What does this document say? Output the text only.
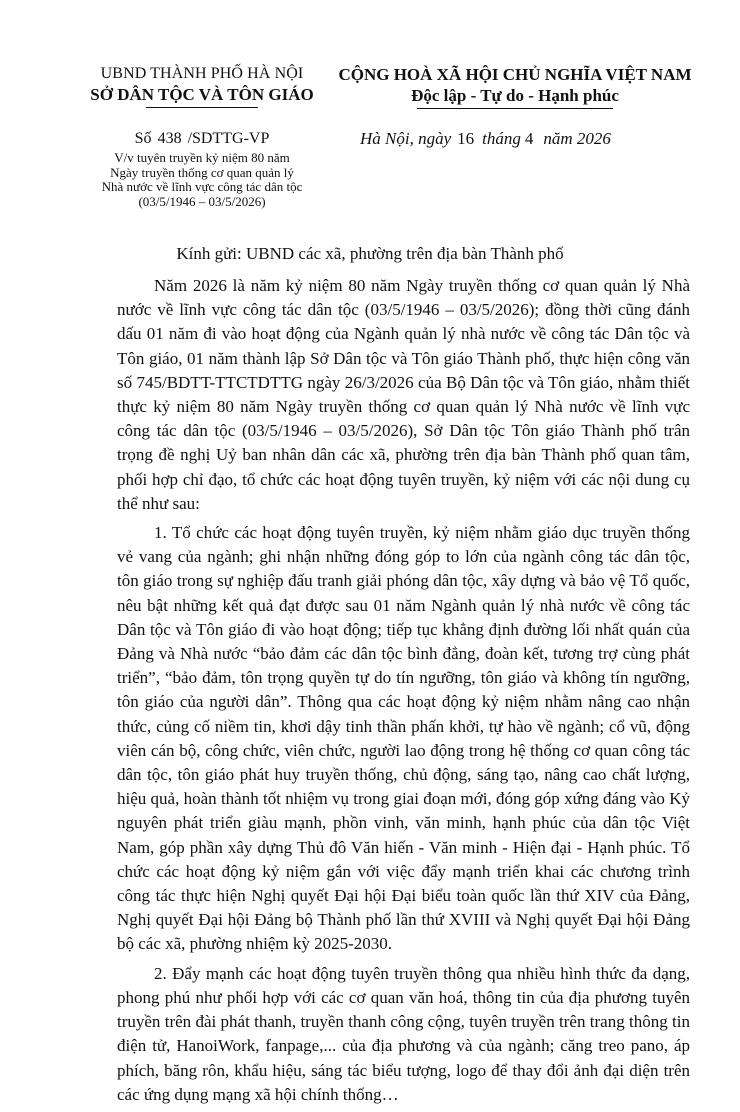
UBND THÀNH PHỐ HÀ NỘI
SỞ DÂN TỘC VÀ TÔN GIÁO
CỘNG HOÀ XÃ HỘI CHỦ NGHĨA VIỆT NAM
Độc lập - Tự do - Hạnh phúc
Số 438 /SDTTG-VP
V/v tuyên truyền kỷ niệm 80 năm
Ngày truyền thống cơ quan quản lý
Nhà nước về lĩnh vực công tác dân tộc
(03/5/1946 – 03/5/2026)
Hà Nội, ngày 16 tháng 4 năm 2026
Kính gửi: UBND các xã, phường trên địa bàn Thành phố

Năm 2026 là năm kỷ niệm 80 năm Ngày truyền thống cơ quan quản lý Nhà nước về lĩnh vực công tác dân tộc (03/5/1946 – 03/5/2026); đồng thời cũng đánh dấu 01 năm đi vào hoạt động của Ngành quản lý nhà nước về công tác Dân tộc và Tôn giáo, 01 năm thành lập Sở Dân tộc và Tôn giáo Thành phố, thực hiện công văn số 745/BDTT-TTCTDTTG ngày 26/3/2026 của Bộ Dân tộc và Tôn giáo, nhằm thiết thực kỷ niệm 80 năm Ngày truyền thống cơ quan quản lý Nhà nước về lĩnh vực công tác dân tộc (03/5/1946 – 03/5/2026), Sở Dân tộc Tôn giáo Thành phố trân trọng đề nghị Uỷ ban nhân dân các xã, phường trên địa bàn Thành phố quan tâm, phối hợp chỉ đạo, tổ chức các hoạt động tuyên truyền, kỷ niệm với các nội dung cụ thể như sau:

1. Tổ chức các hoạt động tuyên truyền, kỷ niệm nhằm giáo dục truyền thống vẻ vang của ngành; ghi nhận những đóng góp to lớn của ngành công tác dân tộc, tôn giáo trong sự nghiệp đấu tranh giải phóng dân tộc, xây dựng và bảo vệ Tổ quốc, nêu bật những kết quả đạt được sau 01 năm Ngành quản lý nhà nước về công tác Dân tộc và Tôn giáo đi vào hoạt động; tiếp tục khẳng định đường lối nhất quán của Đảng và Nhà nước “bảo đảm các dân tộc bình đẳng, đoàn kết, tương trợ cùng phát triển”, “bảo đảm, tôn trọng quyền tự do tín ngưỡng, tôn giáo và không tín ngưỡng, tôn giáo của người dân”. Thông qua các hoạt động kỷ niệm nhằm nâng cao nhận thức, củng cố niềm tin, khơi dậy tinh thần phấn khởi, tự hào về ngành; cổ vũ, động viên cán bộ, công chức, viên chức, người lao động trong hệ thống cơ quan công tác dân tộc, tôn giáo phát huy truyền thống, chủ động, sáng tạo, nâng cao chất lượng, hiệu quả, hoàn thành tốt nhiệm vụ trong giai đoạn mới, đóng góp xứng đáng vào Kỷ nguyên phát triển giàu mạnh, phồn vinh, văn minh, hạnh phúc của dân tộc Việt Nam, góp phần xây dựng Thủ đô Văn hiến - Văn minh - Hiện đại - Hạnh phúc. Tổ chức các hoạt động kỷ niệm gắn với việc đẩy mạnh triển khai các chương trình công tác thực hiện Nghị quyết Đại hội Đại biểu toàn quốc lần thứ XIV của Đảng, Nghị quyết Đại hội Đảng bộ Thành phố lần thứ XVIII và Nghị quyết Đại hội Đảng bộ các xã, phường nhiệm kỳ 2025-2030.

2. Đẩy mạnh các hoạt động tuyên truyền thông qua nhiều hình thức đa dạng, phong phú như phối hợp với các cơ quan văn hoá, thông tin của địa phương tuyên truyền trên đài phát thanh, truyền thanh công cộng, tuyên truyền trên trang thông tin điện tử, HanoiWork, fanpage,... của địa phương và của ngành; căng treo pano, áp phích, băng rôn, khẩu hiệu, sáng tác biểu tượng, logo để thay đổi ảnh đại diện trên các ứng dụng mạng xã hội chính thống…
